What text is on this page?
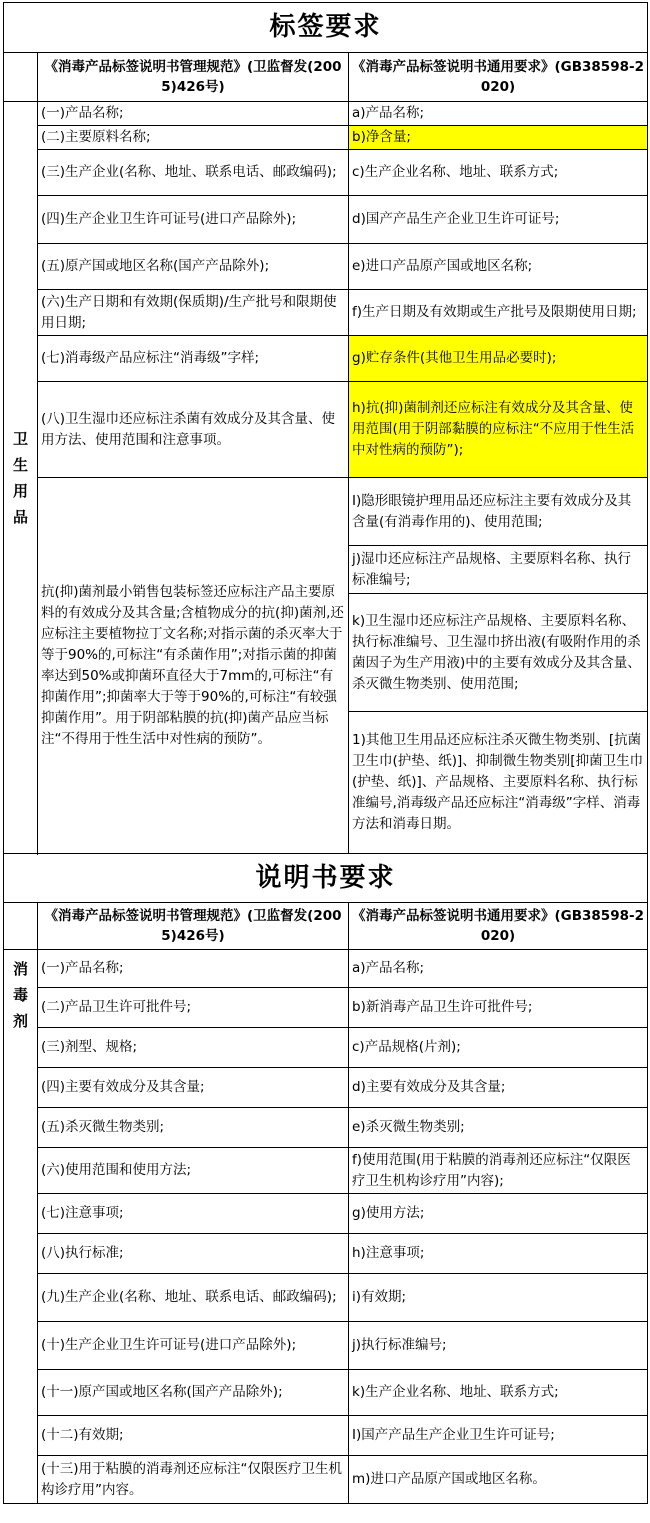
标签要求		
	《消毒产品标签说明书管理规范》(卫监督发(2005)426号)	《消毒产品标签说明书通用要求》(GB38598-2020)
卫生用品	(一)产品名称;	a)产品名称;
	(二)主要原料名称;	b)净含量;
	(三)生产企业(名称、地址、联系电话、邮政编码);	c)生产企业名称、地址、联系方式;
	(四)生产企业卫生许可证号(进口产品除外);	d)国产产品生产企业卫生许可证号;
	(五)原产国或地区名称(国产产品除外);	e)进口产品原产国或地区名称;
	(六)生产日期和有效期(保质期)/生产批号和限期使用日期;	f)生产日期及有效期或生产批号及限期使用日期;
	(七)消毒级产品应标注“消毒级”字样;	g)贮存条件(其他卫生用品必要时);
	(八)卫生湿巾还应标注杀菌有效成分及其含量、使用方法、使用范围和注意事项。	h)抗(抑)菌制剂还应标注有效成分及其含量、使用范围(用于阴部黏膜的应标注“不应用于性生活中对性病的预防”);
	抗(抑)菌剂最小销售包装标签还应标注产品主要原料的有效成分及其含量;含植物成分的抗(抑)菌剂,还应标注主要植物拉丁文名称;对指示菌的杀灭率大于等于90%的,可标注“有杀菌作用”;对指示菌的抑菌率达到50%或抑菌环直径大于7mm的,可标注“有抑菌作用”;抑菌率大于等于90%的,可标注“有较强抑菌作用”。用于阴部粘膜的抗(抑)菌产品应当标注“不得用于性生活中对性病的预防”。	I)隐形眼镜护理用品还应标注主要有效成分及其含量(有消毒作用的)、使用范围;
		j)湿巾还应标注产品规格、主要原料名称、执行标准编号;
		k)卫生湿巾还应标注产品规格、主要原料名称、执行标准编号、卫生湿巾挤出液(有吸附作用的杀菌因子为生产用液)中的主要有效成分及其含量、杀灭微生物类别、使用范围;
		1)其他卫生用品还应标注杀灭微生物类别、[抗菌卫生巾(护垫、纸)]、抑制微生物类别[抑菌卫生巾(护垫、纸)]、产品规格、主要原料名称、执行标准编号,消毒级产品还应标注“消毒级”字样、消毒方法和消毒日期。

说明书要求		
	《消毒产品标签说明书管理规范》(卫监督发(2005)426号)	《消毒产品标签说明书通用要求》(GB38598-2020)
消毒剂	(一)产品名称;	a)产品名称;
	(二)产品卫生许可批件号;	b)新消毒产品卫生许可批件号;
	(三)剂型、规格;	c)产品规格(片剂);
	(四)主要有效成分及其含量;	d)主要有效成分及其含量;
	(五)杀灭微生物类别;	e)杀灭微生物类别;
	(六)使用范围和使用方法;	f)使用范围(用于粘膜的消毒剂还应标注“仅限医疗卫生机构诊疗用”内容);
	(七)注意事项;	g)使用方法;
	(八)执行标准;	h)注意事项;
	(九)生产企业(名称、地址、联系电话、邮政编码);	i)有效期;
	(十)生产企业卫生许可证号(进口产品除外);	j)执行标准编号;
	(十一)原产国或地区名称(国产产品除外);	k)生产企业名称、地址、联系方式;
	(十二)有效期;	I)国产产品生产企业卫生许可证号;
	(十三)用于粘膜的消毒剂还应标注“仅限医疗卫生机构诊疗用”内容。	m)进口产品原产国或地区名称。
